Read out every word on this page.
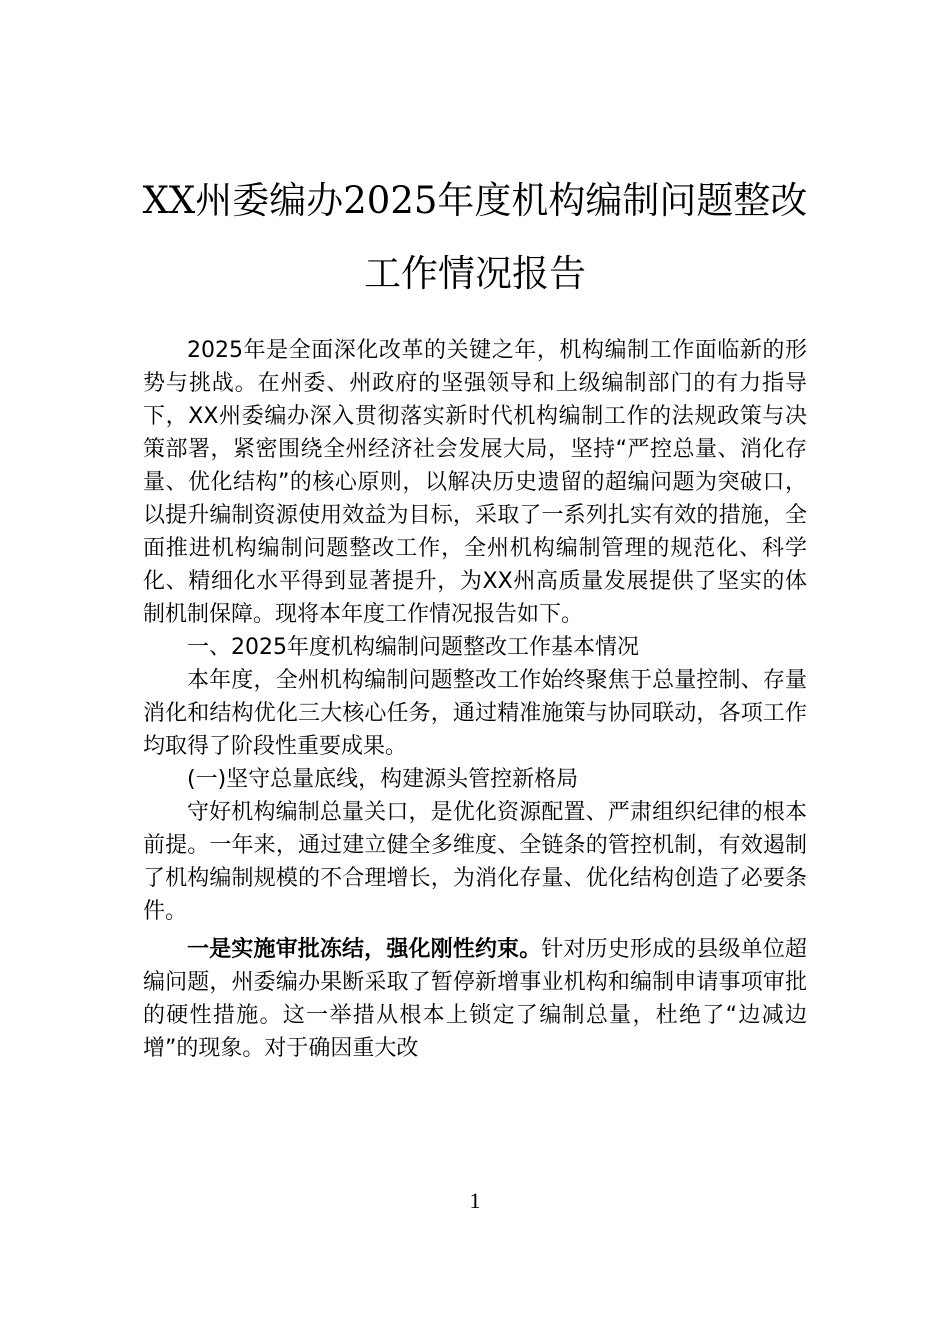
XX州委编办2025年度机构编制问题整改
工作情况报告

2025年是全面深化改革的关键之年，机构编制工作面临新的形势与挑战。在州委、州政府的坚强领导和上级编制部门的有力指导下，XX州委编办深入贯彻落实新时代机构编制工作的法规政策与决策部署，紧密围绕全州经济社会发展大局，坚持“严控总量、消化存量、优化结构”的核心原则，以解决历史遗留的超编问题为突破口，以提升编制资源使用效益为目标，采取了一系列扎实有效的措施，全面推进机构编制问题整改工作，全州机构编制管理的规范化、科学化、精细化水平得到显著提升，为XX州高质量发展提供了坚实的体制机制保障。现将本年度工作情况报告如下。

一、2025年度机构编制问题整改工作基本情况

本年度，全州机构编制问题整改工作始终聚焦于总量控制、存量消化和结构优化三大核心任务，通过精准施策与协同联动，各项工作均取得了阶段性重要成果。

(一)坚守总量底线，构建源头管控新格局

守好机构编制总量关口，是优化资源配置、严肃组织纪律的根本前提。一年来，通过建立健全多维度、全链条的管控机制，有效遏制了机构编制规模的不合理增长，为消化存量、优化结构创造了必要条件。

一是实施审批冻结，强化刚性约束。针对历史形成的县级单位超编问题，州委编办果断采取了暂停新增事业机构和编制申请事项审批的硬性措施。这一举措从根本上锁定了编制总量，杜绝了“边减边增”的现象。对于确因重大改

1
